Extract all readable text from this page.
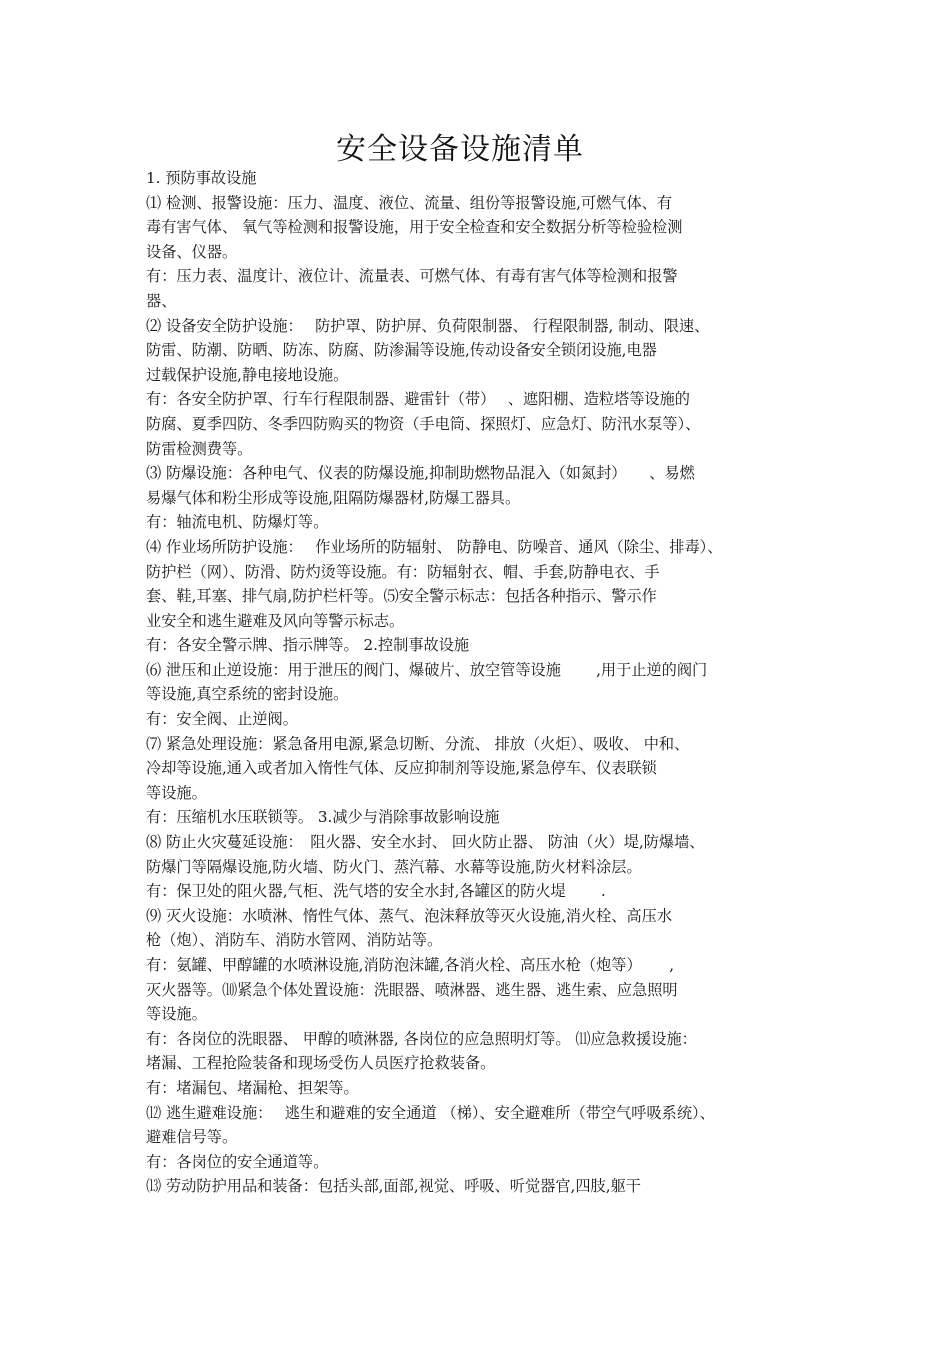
安全设备设施清单
1. 预防事故设施
⑴ 检测、报警设施：压力、温度、液位、流量、组份等报警设施,可燃气体、有
毒有害气体、 氧气等检测和报警设施，用于安全检查和安全数据分析等检验检测
设备、仪器。
有：压力表、温度计、液位计、流量表、可燃气体、有毒有害气体等检测和报警
器、
⑵ 设备安全防护设施：　 防护罩、防护屏、负荷限制器、 行程限制器, 制动、限速、
防雷、防潮、防晒、防冻、防腐、防渗漏等设施,传动设备安全锁闭设施,电器
过载保护设施,静电接地设施。
有：各安全防护罩、行车行程限制器、避雷针（带）　 、遮阳棚、造粒塔等设施的
防腐、夏季四防、冬季四防购买的物资（手电筒、探照灯、应急灯、防汛水泵等）、
防雷检测费等。
⑶ 防爆设施：各种电气、仪表的防爆设施,抑制助燃物品混入（如氮封）　　、易燃
易爆气体和粉尘形成等设施,阻隔防爆器材,防爆工器具。
有：轴流电机、防爆灯等。
⑷ 作业场所防护设施：　 作业场所的防辐射、 防静电、防噪音、通风（除尘、排毒）、
防护栏（网）、防滑、防灼烫等设施。有：防辐射衣、帽、手套,防静电衣、手
套、鞋,耳塞、排气扇,防护栏杆等。⑸安全警示标志：包括各种指示、警示作
业安全和逃生避难及风向等警示标志。
有：各安全警示牌、指示牌等。 2.控制事故设施
⑹ 泄压和止逆设施：用于泄压的阀门、爆破片、放空管等设施　　 ,用于止逆的阀门
等设施,真空系统的密封设施。
有：安全阀、止逆阀。
⑺ 紧急处理设施：紧急备用电源,紧急切断、分流、 排放（火炬）、吸收、 中和、
冷却等设施,通入或者加入惰性气体、反应抑制剂等设施,紧急停车、仪表联锁
等设施。
有：压缩机水压联锁等。 3.减少与消除事故影响设施
⑻ 防止火灾蔓延设施：　阻火器、安全水封、 回火防止器、 防油（火）堤,防爆墙、
防爆门等隔爆设施,防火墙、防火门、蒸汽幕、水幕等设施,防火材料涂层。
有：保卫处的阻火器,气柜、洗气塔的安全水封,各罐区的防火堤　　 .
⑼ 灭火设施：水喷淋、惰性气体、蒸气、泡沫释放等灭火设施,消火栓、高压水
枪（炮）、消防车、消防水管网、消防站等。
有：氨罐、甲醇罐的水喷淋设施,消防泡沫罐,各消火栓、高压水枪（炮等）　　 ,
灭火器等。⑽紧急个体处置设施：洗眼器、喷淋器、逃生器、逃生索、应急照明
等设施。
有：各岗位的洗眼器、 甲醇的喷淋器, 各岗位的应急照明灯等。 ⑾应急救援设施：
堵漏、工程抢险装备和现场受伤人员医疗抢救装备。
有：堵漏包、堵漏枪、担架等。
⑿ 逃生避难设施：　 逃生和避难的安全通道 （梯）、安全避难所（带空气呼吸系统）、
避难信号等。
有：各岗位的安全通道等。
⒀ 劳动防护用品和装备：包括头部,面部,视觉、呼吸、听觉器官,四肢,躯干
